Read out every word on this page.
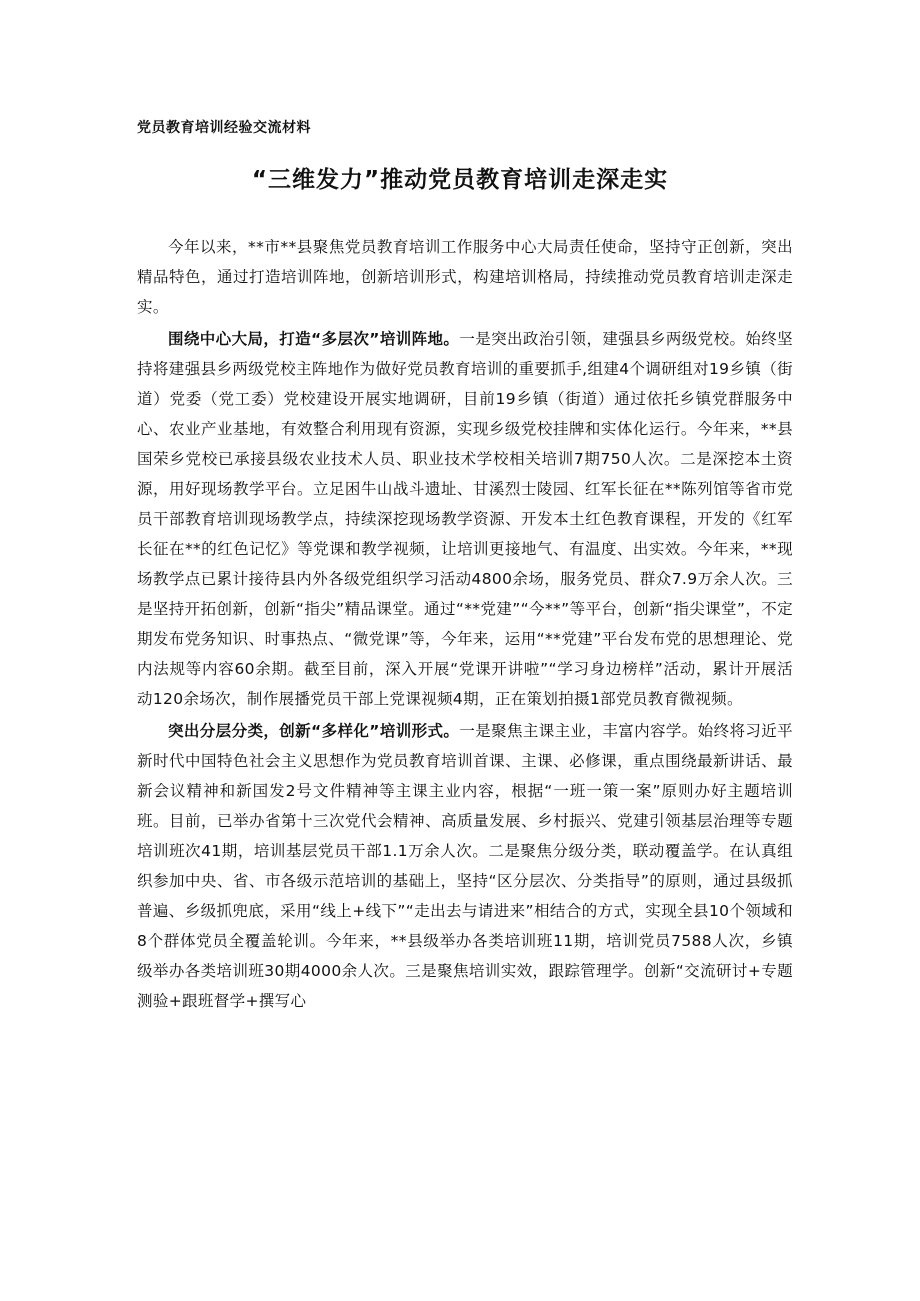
党员教育培训经验交流材料
“三维发力”推动党员教育培训走深走实

今年以来，**市**县聚焦党员教育培训工作服务中心大局责任使命，坚持守正创新，突出精品特色，通过打造培训阵地，创新培训形式，构建培训格局，持续推动党员教育培训走深走实。

围绕中心大局，打造“多层次”培训阵地。一是突出政治引领，建强县乡两级党校。始终坚持将建强县乡两级党校主阵地作为做好党员教育培训的重要抓手,组建4个调研组对19乡镇（街道）党委（党工委）党校建设开展实地调研，目前19乡镇（街道）通过依托乡镇党群服务中心、农业产业基地，有效整合利用现有资源，实现乡级党校挂牌和实体化运行。今年来，**县国荣乡党校已承接县级农业技术人员、职业技术学校相关培训7期750人次。二是深挖本土资源，用好现场教学平台。立足困牛山战斗遗址、甘溪烈士陵园、红军长征在**陈列馆等省市党员干部教育培训现场教学点，持续深挖现场教学资源、开发本土红色教育课程，开发的《红军长征在**的红色记忆》等党课和教学视频，让培训更接地气、有温度、出实效。今年来，**现场教学点已累计接待县内外各级党组织学习活动4800余场，服务党员、群众7.9万余人次。三是坚持开拓创新，创新“指尖”精品课堂。通过“**党建”“今**”等平台，创新“指尖课堂”，不定期发布党务知识、时事热点、“微党课”等，今年来，运用“**党建”平台发布党的思想理论、党内法规等内容60余期。截至目前，深入开展“党课开讲啦”“学习身边榜样”活动，累计开展活动120余场次，制作展播党员干部上党课视频4期，正在策划拍摄1部党员教育微视频。

突出分层分类，创新“多样化”培训形式。一是聚焦主课主业，丰富内容学。始终将习近平新时代中国特色社会主义思想作为党员教育培训首课、主课、必修课，重点围绕最新讲话、最新会议精神和新国发2号文件精神等主课主业内容，根据“一班一策一案”原则办好主题培训班。目前，已举办省第十三次党代会精神、高质量发展、乡村振兴、党建引领基层治理等专题培训班次41期，培训基层党员干部1.1万余人次。二是聚焦分级分类，联动覆盖学。在认真组织参加中央、省、市各级示范培训的基础上，坚持“区分层次、分类指导”的原则，通过县级抓普遍、乡级抓兜底，采用“线上+线下”“走出去与请进来”相结合的方式，实现全县10个领域和8个群体党员全覆盖轮训。今年来，**县级举办各类培训班11期，培训党员7588人次，乡镇级举办各类培训班30期4000余人次。三是聚焦培训实效，跟踪管理学。创新“交流研讨+专题测验+跟班督学+撰写心
